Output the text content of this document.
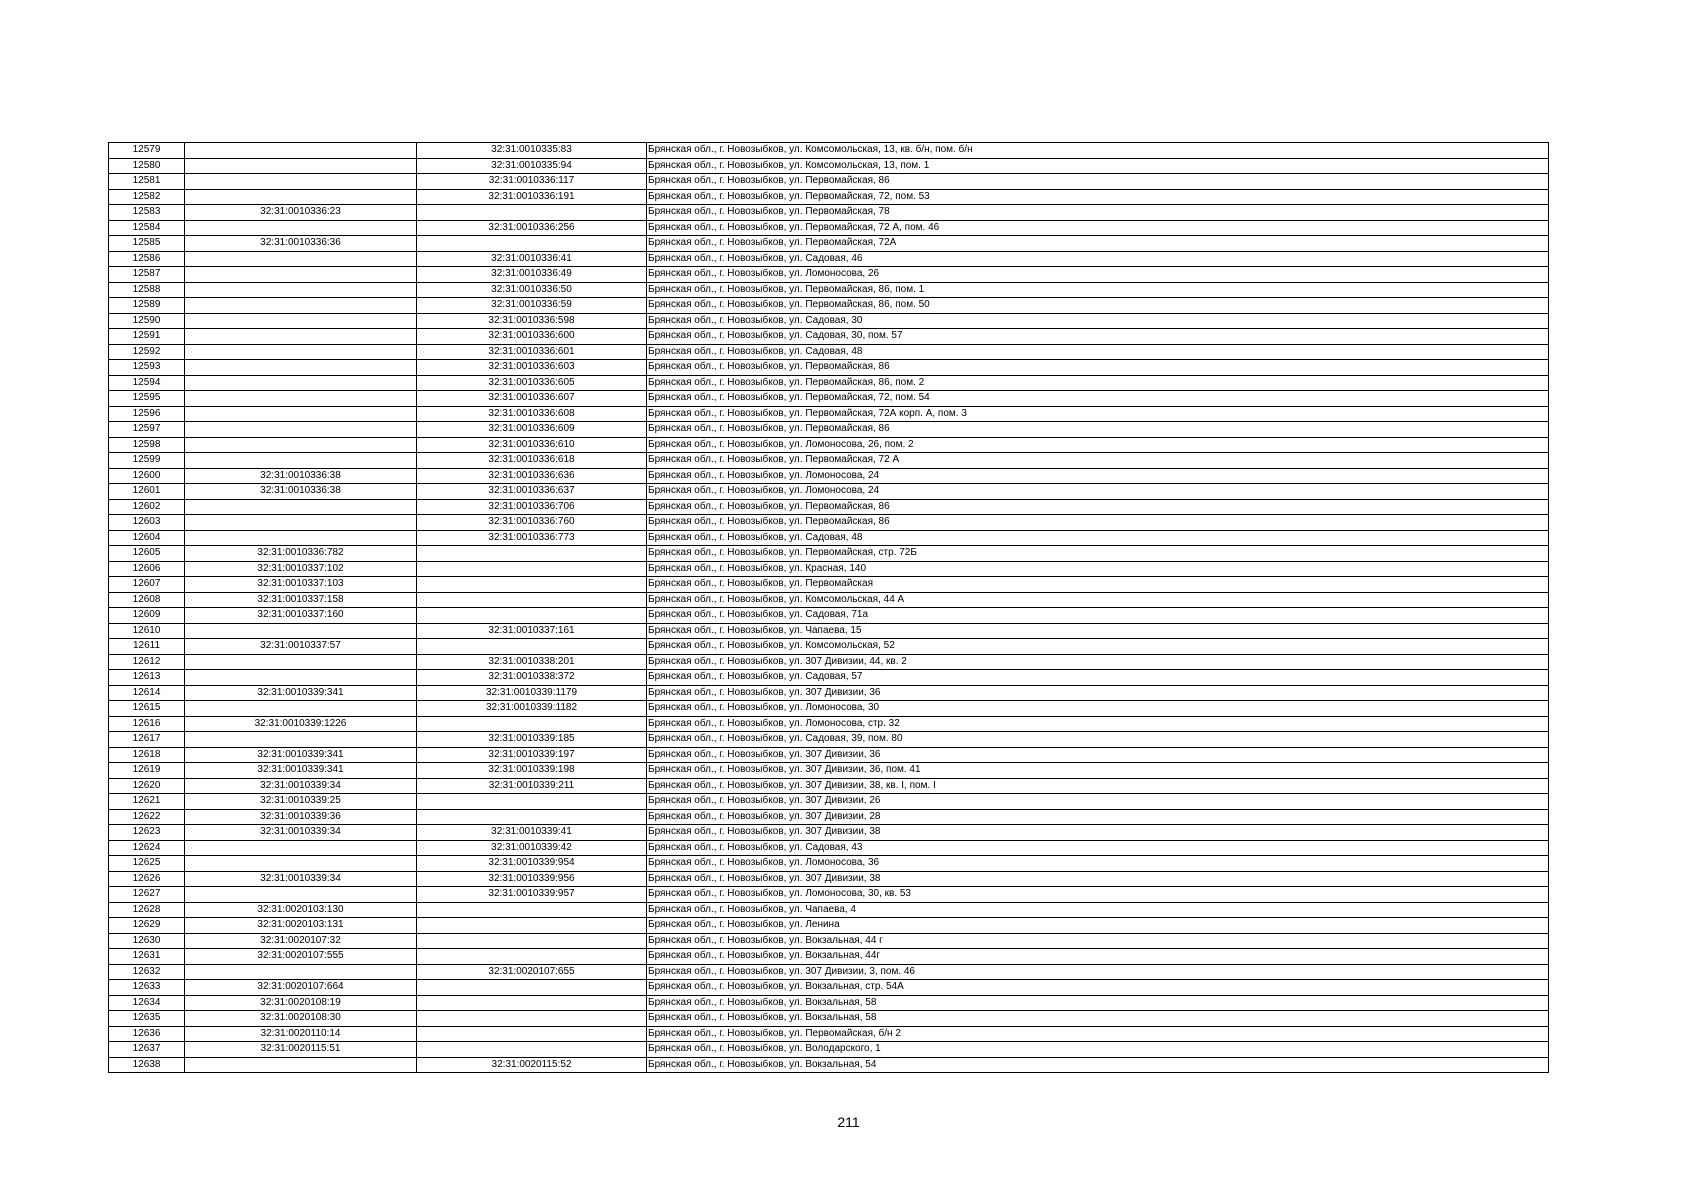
12579		32:31:0010335:83	Брянская обл., г. Новозыбков, ул. Комсомольская, 13, кв. б/н, пом. б/н
12580		32:31:0010335:94	Брянская обл., г. Новозыбков, ул. Комсомольская, 13, пом. 1
12581		32:31:0010336:117	Брянская обл., г. Новозыбков, ул. Первомайская, 86
12582		32:31:0010336:191	Брянская обл., г. Новозыбков, ул. Первомайская, 72, пом. 53
12583	32:31:0010336:23		Брянская обл., г. Новозыбков, ул. Первомайская, 78
12584		32:31:0010336:256	Брянская обл., г. Новозыбков, ул. Первомайская, 72 А, пом. 46
12585	32:31:0010336:36		Брянская обл., г. Новозыбков, ул. Первомайская, 72А
12586		32:31:0010336:41	Брянская обл., г. Новозыбков, ул. Садовая, 46
12587		32:31:0010336:49	Брянская обл., г. Новозыбков, ул. Ломоносова, 26
12588		32:31:0010336:50	Брянская обл., г. Новозыбков, ул. Первомайская, 86, пом. 1
12589		32:31:0010336:59	Брянская обл., г. Новозыбков, ул. Первомайская, 86, пом. 50
12590		32:31:0010336:598	Брянская обл., г. Новозыбков, ул. Садовая, 30
12591		32:31:0010336:600	Брянская обл., г. Новозыбков, ул. Садовая, 30, пом. 57
12592		32:31:0010336:601	Брянская обл., г. Новозыбков, ул. Садовая, 48
12593		32:31:0010336:603	Брянская обл., г. Новозыбков, ул. Первомайская, 86
12594		32:31:0010336:605	Брянская обл., г. Новозыбков, ул. Первомайская, 86, пом. 2
12595		32:31:0010336:607	Брянская обл., г. Новозыбков, ул. Первомайская, 72, пом. 54
12596		32:31:0010336:608	Брянская обл., г. Новозыбков, ул. Первомайская, 72А корп. А, пом. 3
12597		32:31:0010336:609	Брянская обл., г. Новозыбков, ул. Первомайская, 86
12598		32:31:0010336:610	Брянская обл., г. Новозыбков, ул. Ломоносова, 26, пом. 2
12599		32:31:0010336:618	Брянская обл., г. Новозыбков, ул. Первомайская, 72 А
12600	32:31:0010336:38	32:31:0010336:636	Брянская обл., г. Новозыбков, ул. Ломоносова, 24
12601	32:31:0010336:38	32:31:0010336:637	Брянская обл., г. Новозыбков, ул. Ломоносова, 24
12602		32:31:0010336:706	Брянская обл., г. Новозыбков, ул. Первомайская, 86
12603		32:31:0010336:760	Брянская обл., г. Новозыбков, ул. Первомайская, 86
12604		32:31:0010336:773	Брянская обл., г. Новозыбков, ул. Садовая, 48
12605	32:31:0010336:782		Брянская обл., г. Новозыбков, ул. Первомайская, стр. 72Б
12606	32:31:0010337:102		Брянская обл., г. Новозыбков, ул. Красная, 140
12607	32:31:0010337:103		Брянская обл., г. Новозыбков, ул. Первомайская
12608	32:31:0010337:158		Брянская обл., г. Новозыбков, ул. Комсомольская, 44 А
12609	32:31:0010337:160		Брянская обл., г. Новозыбков, ул. Садовая, 71а
12610		32:31:0010337:161	Брянская обл., г. Новозыбков, ул. Чапаева, 15
12611	32:31:0010337:57		Брянская обл., г. Новозыбков, ул. Комсомольская, 52
12612		32:31:0010338:201	Брянская обл., г. Новозыбков, ул. 307 Дивизии, 44, кв. 2
12613		32:31:0010338:372	Брянская обл., г. Новозыбков, ул. Садовая, 57
12614	32:31:0010339:341	32:31:0010339:1179	Брянская обл., г. Новозыбков, ул. 307 Дивизии, 36
12615		32:31:0010339:1182	Брянская обл., г. Новозыбков, ул. Ломоносова, 30
12616	32:31:0010339:1226		Брянская обл., г. Новозыбков, ул. Ломоносова, стр. 32
12617		32:31:0010339:185	Брянская обл., г. Новозыбков, ул. Садовая, 39, пом. 80
12618	32:31:0010339:341	32:31:0010339:197	Брянская обл., г. Новозыбков, ул. 307 Дивизии, 36
12619	32:31:0010339:341	32:31:0010339:198	Брянская обл., г. Новозыбков, ул. 307 Дивизии, 36, пом. 41
12620	32:31:0010339:34	32:31:0010339:211	Брянская обл., г. Новозыбков, ул. 307 Дивизии, 38, кв. I, пом. I
12621	32:31:0010339:25		Брянская обл., г. Новозыбков, ул. 307 Дивизии, 26
12622	32:31:0010339:36		Брянская обл., г. Новозыбков, ул. 307 Дивизии, 28
12623	32:31:0010339:34	32:31:0010339:41	Брянская обл., г. Новозыбков, ул. 307 Дивизии, 38
12624		32:31:0010339:42	Брянская обл., г. Новозыбков, ул. Садовая, 43
12625		32:31:0010339:954	Брянская обл., г. Новозыбков, ул. Ломоносова, 36
12626	32:31:0010339:34	32:31:0010339:956	Брянская обл., г. Новозыбков, ул. 307 Дивизии, 38
12627		32:31:0010339:957	Брянская обл., г. Новозыбков, ул. Ломоносова, 30, кв. 53
12628	32:31:0020103:130		Брянская обл., г. Новозыбков, ул. Чапаева, 4
12629	32:31:0020103:131		Брянская обл., г. Новозыбков, ул. Ленина
12630	32:31:0020107:32		Брянская обл., г. Новозыбков, ул. Вокзальная, 44 г
12631	32:31:0020107:555		Брянская обл., г. Новозыбков, ул. Вокзальная, 44г
12632		32:31:0020107:655	Брянская обл., г. Новозыбков, ул. 307 Дивизии, 3, пом. 46
12633	32:31:0020107:664		Брянская обл., г. Новозыбков, ул. Вокзальная, стр. 54А
12634	32:31:0020108:19		Брянская обл., г. Новозыбков, ул. Вокзальная, 58
12635	32:31:0020108:30		Брянская обл., г. Новозыбков, ул. Вокзальная, 58
12636	32:31:0020110:14		Брянская обл., г. Новозыбков, ул. Первомайская, б/н 2
12637	32:31:0020115:51		Брянская обл., г. Новозыбков, ул. Володарского, 1
12638		32:31:0020115:52	Брянская обл., г. Новозыбков, ул. Вокзальная, 54
211
